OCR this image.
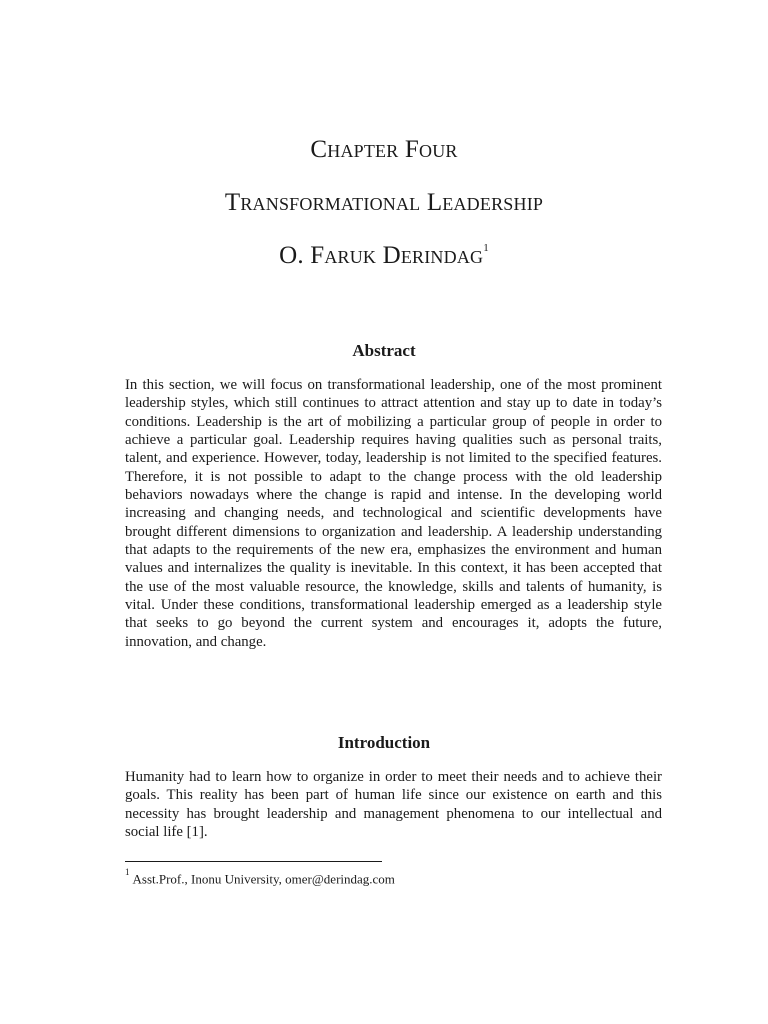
Chapter Four
Transformational Leadership
O. Faruk Derindag$^1$
Abstract

In this section, we will focus on transformational leadership, one of the most prominent leadership styles, which still continues to attract attention and stay up to date in today’s conditions. Leadership is the art of mobilizing a particular group of people in order to achieve a particular goal. Leadership requires having qualities such as personal traits, talent, and experience. However, today, leadership is not limited to the specified features. Therefore, it is not possible to adapt to the change process with the old leadership behaviors nowadays where the change is rapid and intense. In the developing world increasing and changing needs, and technological and scientific developments have brought different dimensions to organization and leadership. A leadership understanding that adapts to the requirements of the new era, emphasizes the environment and human values and internalizes the quality is inevitable. In this context, it has been accepted that the use of the most valuable resource, the knowledge, skills and talents of humanity, is vital. Under these conditions, transformational leadership emerged as a leadership style that seeks to go beyond the current system and encourages it, adopts the future, innovation, and change.

Introduction

Humanity had to learn how to organize in order to meet their needs and to achieve their goals. This reality has been part of human life since our existence on earth and this necessity has brought leadership and management phenomena to our intellectual and social life [1].

$^1$ Asst.Prof., Inonu University, omer@derindag.com
